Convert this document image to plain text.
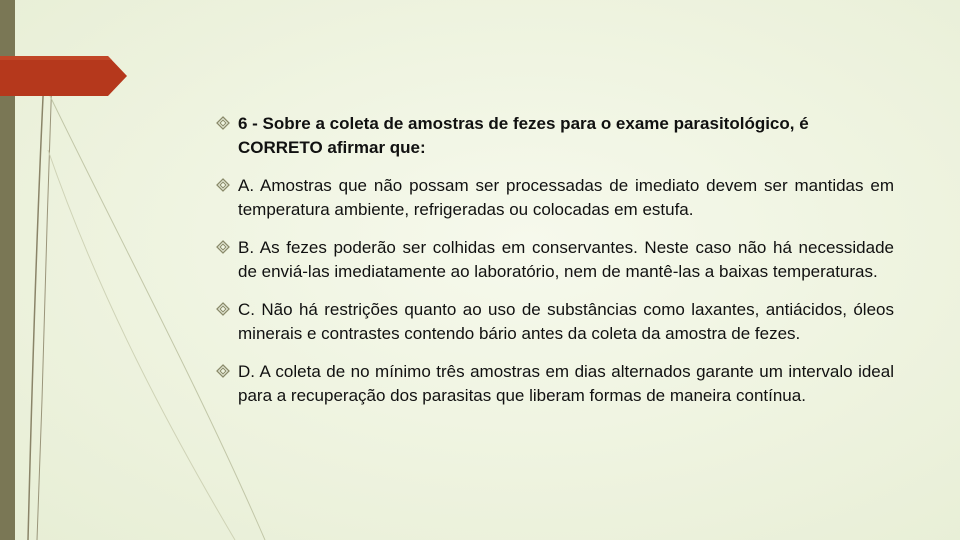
6 - Sobre a coleta de amostras de fezes para o exame parasitológico, é CORRETO afirmar que:
A. Amostras que não possam ser processadas de imediato devem ser mantidas em temperatura ambiente, refrigeradas ou colocadas em estufa.
B. As fezes poderão ser colhidas em conservantes. Neste caso não há necessidade de enviá-las imediatamente ao laboratório, nem de mantê-las a baixas temperaturas.
C. Não há restrições quanto ao uso de substâncias como laxantes, antiácidos, óleos minerais e contrastes contendo bário antes da coleta da amostra de fezes.
D. A coleta de no mínimo três amostras em dias alternados garante um intervalo ideal para a recuperação dos parasitas que liberam formas de maneira contínua.
